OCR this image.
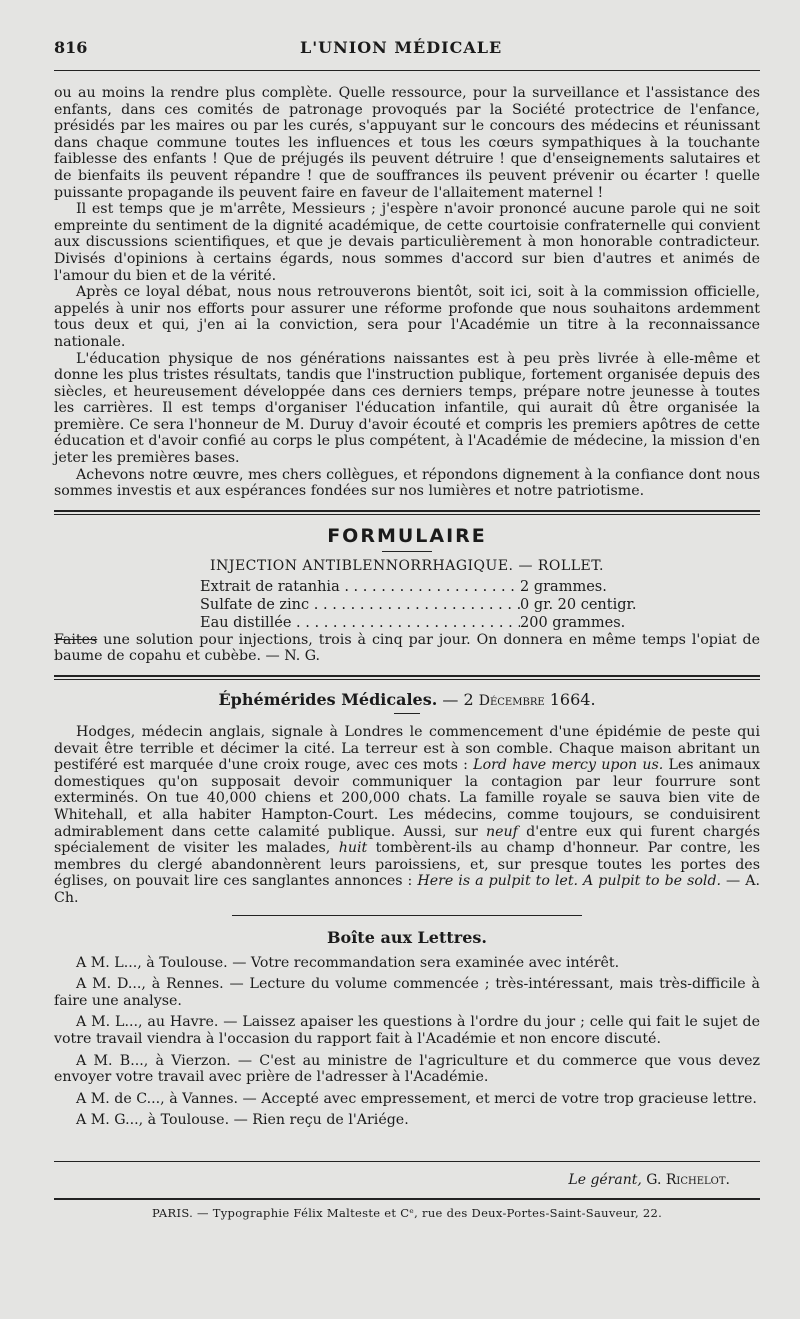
816	L'UNION MÉDICALE

ou au moins la rendre plus complète. Quelle ressource, pour la surveillance et l'assistance des enfants, dans ces comités de patronage provoqués par la Société protectrice de l'enfance, présidés par les maires ou par les curés, s'appuyant sur le concours des médecins et réunissant dans chaque commune toutes les influences et tous les cœurs sympathiques à la touchante faiblesse des enfants ! Que de préjugés ils peuvent détruire ! que d'enseignements salutaires et de bienfaits ils peuvent répandre ! que de souffrances ils peuvent prévenir ou écarter ! quelle puissante propagande ils peuvent faire en faveur de l'allaitement maternel !

Il est temps que je m'arrête, Messieurs ; j'espère n'avoir prononcé aucune parole qui ne soit empreinte du sentiment de la dignité académique, de cette courtoisie confraternelle qui convient aux discussions scientifiques, et que je devais particulièrement à mon honorable contradicteur. Divisés d'opinions à certains égards, nous sommes d'accord sur bien d'autres et animés de l'amour du bien et de la vérité.

Après ce loyal débat, nous nous retrouverons bientôt, soit ici, soit à la commission officielle, appelés à unir nos efforts pour assurer une réforme profonde que nous souhaitons ardemment tous deux et qui, j'en ai la conviction, sera pour l'Académie un titre à la reconnaissance nationale.

L'éducation physique de nos générations naissantes est à peu près livrée à elle-même et donne les plus tristes résultats, tandis que l'instruction publique, fortement organisée depuis des siècles, et heureusement développée dans ces derniers temps, prépare notre jeunesse à toutes les carrières. Il est temps d'organiser l'éducation infantile, qui aurait dû être organisée la première. Ce sera l'honneur de M. Duruy d'avoir écouté et compris les premiers apôtres de cette éducation et d'avoir confié au corps le plus compétent, à l'Académie de médecine, la mission d'en jeter les premières bases.

Achevons notre œuvre, mes chers collègues, et répondons dignement à la confiance dont nous sommes investis et aux espérances fondées sur nos lumières et notre patriotisme.

FORMULAIRE
INJECTION ANTIBLENNORRHAGIQUE. — ROLLET.
Extrait de ratanhia . . .	2 grammes.
Sulfate de zinc . . .	0 gr. 20 centigr.
Eau distillée . . .	200 grammes.

Faites une solution pour injections, trois à cinq par jour. On donnera en même temps l'opiat de baume de copahu et cubèbe. — N. G.

Éphémérides Médicales. — 2 Décembre 1664.

Hodges, médecin anglais, signale à Londres le commencement d'une épidémie de peste qui devait être terrible et décimer la cité. La terreur est à son comble. Chaque maison abritant un pestiféré est marquée d'une croix rouge, avec ces mots : Lord have mercy upon us. Les animaux domestiques qu'on supposait devoir communiquer la contagion par leur fourrure sont exterminés. On tue 40,000 chiens et 200,000 chats. La famille royale se sauva bien vite de Whitehall, et alla habiter Hampton-Court. Les médecins, comme toujours, se conduisirent admirablement dans cette calamité publique. Aussi, sur neuf d'entre eux qui furent chargés spécialement de visiter les malades, huit tombèrent-ils au champ d'honneur. Par contre, les membres du clergé abandonnèrent leurs paroissiens, et, sur presque toutes les portes des églises, on pouvait lire ces sanglantes annonces : Here is a pulpit to let. A pulpit to be sold. — A. Ch.

Boîte aux Lettres.

A M. L..., à Toulouse. — Votre recommandation sera examinée avec intérêt.

A M. D..., à Rennes. — Lecture du volume commencée ; très-intéressant, mais très-difficile à faire une analyse.

A M. L..., au Havre. — Laissez apaiser les questions à l'ordre du jour ; celle qui fait le sujet de votre travail viendra à l'occasion du rapport fait à l'Académie et non encore discuté.

A M. B..., à Vierzon. — C'est au ministre de l'agriculture et du commerce que vous devez envoyer votre travail avec prière de l'adresser à l'Académie.

A M. de C..., à Vannes. — Accepté avec empressement, et merci de votre trop gracieuse lettre.

A M. G..., à Toulouse. — Rien reçu de l'Ariége.

Le gérant, G. Richelot.
PARIS. — Typographie Félix Malteste et Cᵉ, rue des Deux-Portes-Saint-Sauveur, 22.
